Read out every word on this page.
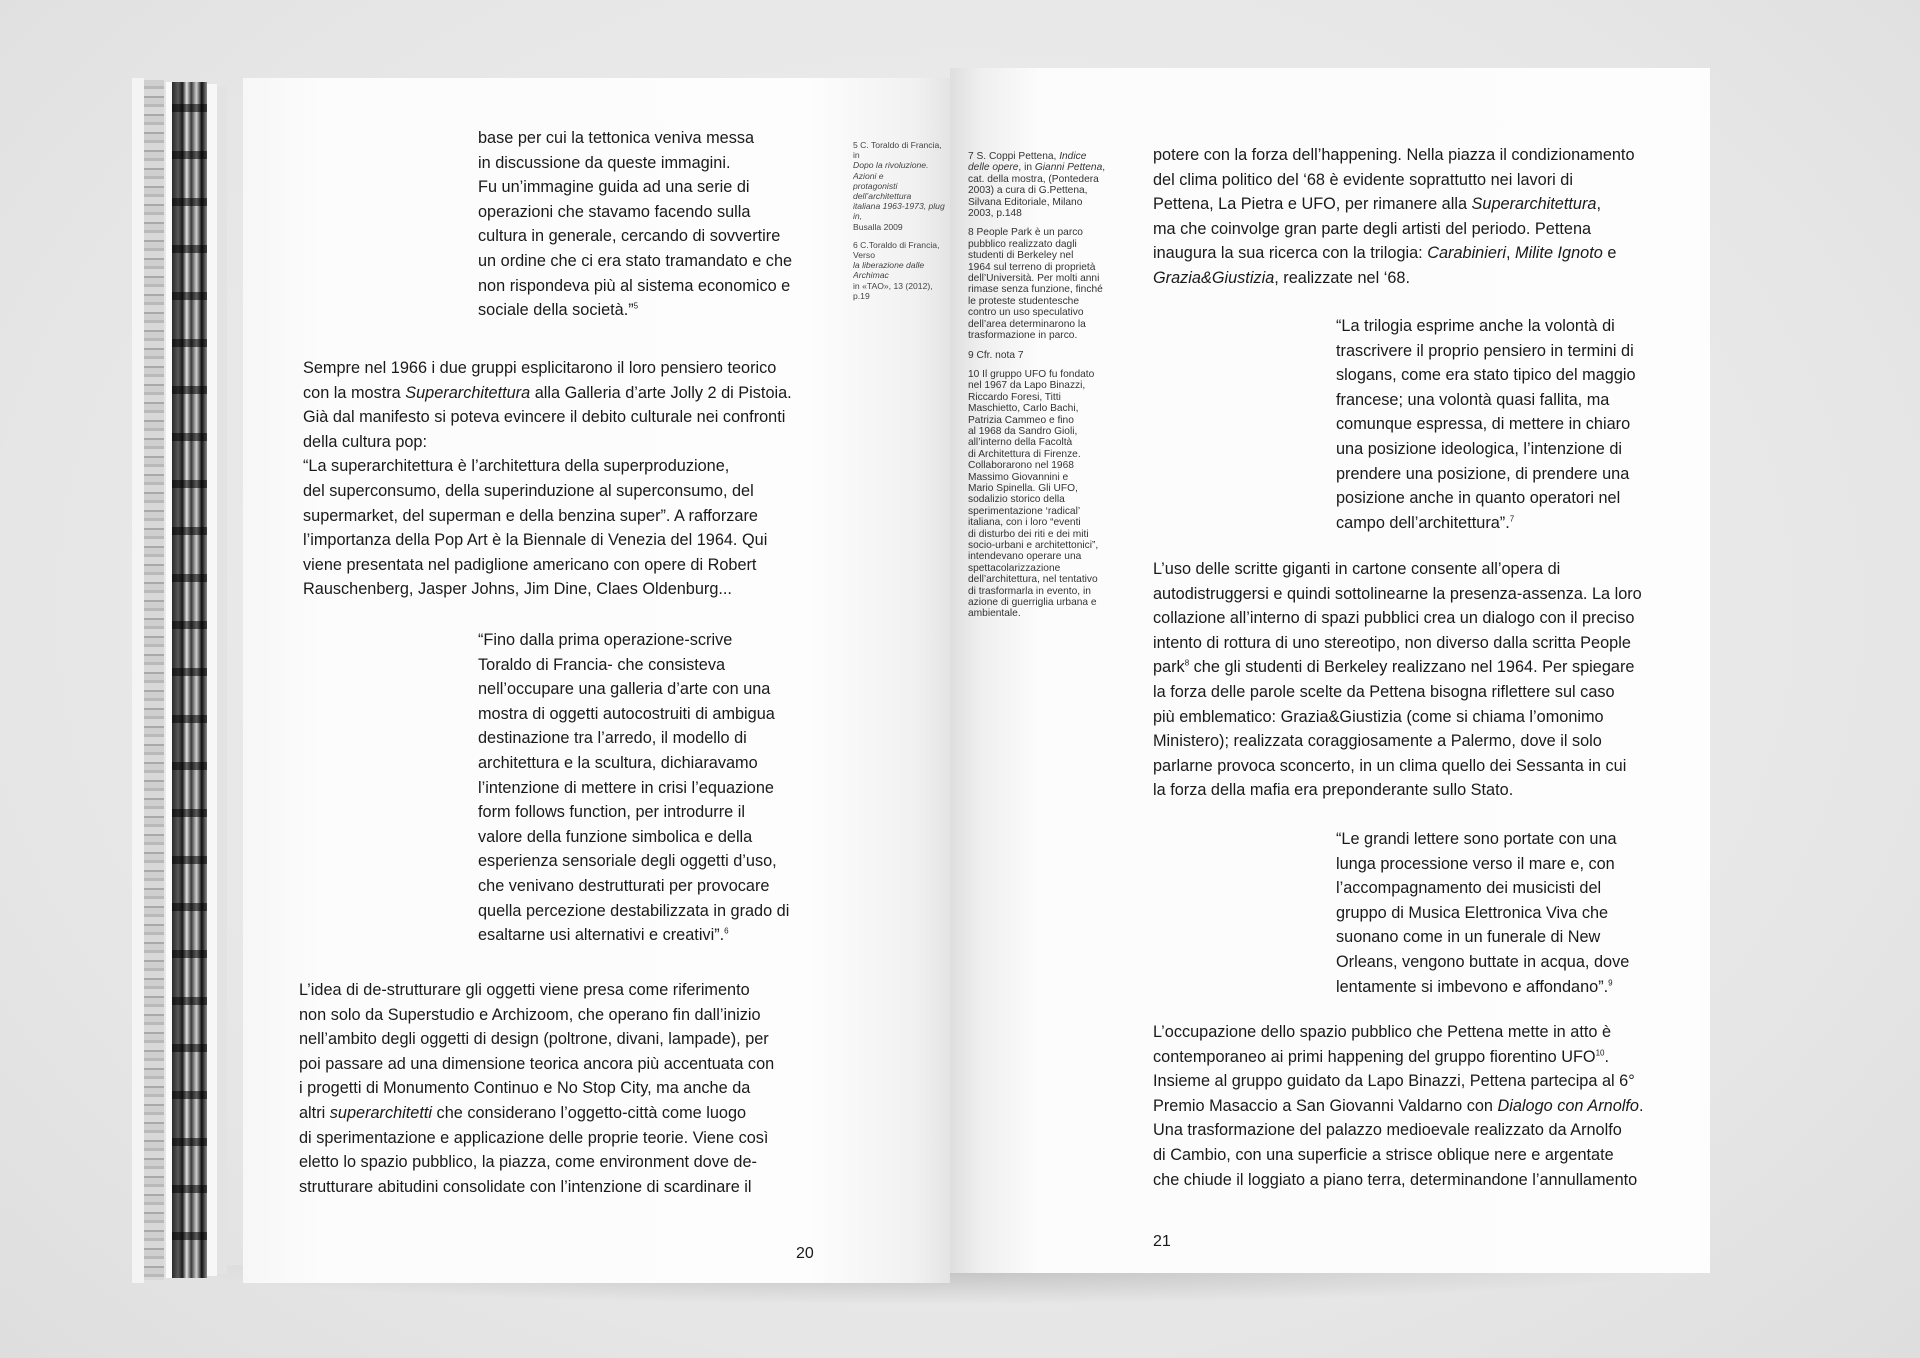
base per cui la tettonica veniva messa

in discussione da queste immagini.

Fu un’immagine guida ad una serie di

operazioni che stavamo facendo sulla

cultura in generale, cercando di sovvertire

un ordine che ci era stato tramandato e che

non rispondeva più al sistema economico e

sociale della società.”$^5$

Sempre nel 1966 i due gruppi esplicitarono il loro pensiero teorico

con la mostra Superarchitettura alla Galleria d’arte Jolly 2 di Pistoia.

Già dal manifesto si poteva evincere il debito culturale nei confronti

della cultura pop:

“La superarchitettura è l’architettura della superproduzione,

del superconsumo, della superinduzione al superconsumo, del

supermarket, del superman e della benzina super”. A rafforzare

l’importanza della Pop Art è la Biennale di Venezia del 1964. Qui

viene presentata nel padiglione americano con opere di Robert

Rauschenberg, Jasper Johns, Jim Dine, Claes Oldenburg...

“Fino dalla prima operazione-scrive

Toraldo di Francia- che consisteva

nell’occupare una galleria d’arte con una

mostra di oggetti autocostruiti di ambigua

destinazione tra l’arredo, il modello di

architettura e la scultura, dichiaravamo

l’intenzione di mettere in crisi l’equazione

form follows function, per introdurre il

valore della funzione simbolica e della

esperienza sensoriale degli oggetti d’uso,

che venivano destrutturati per provocare

quella percezione destabilizzata in grado di

esaltarne usi alternativi e creativi”.$^6$

L’idea di de-strutturare gli oggetti viene presa come riferimento

non solo da Superstudio e Archizoom, che operano fin dall’inizio

nell’ambito degli oggetti di design (poltrone, divani, lampade), per

poi passare ad una dimensione teorica ancora più accentuata con

i progetti di Monumento Continuo e No Stop City, ma anche da

altri superarchitetti che considerano l’oggetto-città come luogo

di sperimentazione e applicazione delle proprie teorie. Viene così

eletto lo spazio pubblico, la piazza, come environment dove de-

strutturare abitudini consolidate con l’intenzione di scardinare il

5 C. Toraldo di Francia, in
Dopo la rivoluzione. Azioni e
protagonisti dell’architettura
italiana 1963-1973, plug in,
Busalla 2009

6 C.Toraldo di Francia, Verso
la liberazione dalle Archimac
in «TAO», 13 (2012), p.19

20

7 S. Coppi Pettena, Indice
delle opere, in Gianni Pettena,
cat. della mostra, (Pontedera
2003) a cura di G.Pettena,
Silvana Editoriale, Milano
2003, p.148

8 People Park è un parco
pubblico realizzato dagli
studenti di Berkeley nel
1964 sul terreno di proprietà
dell’Università. Per molti anni
rimase senza funzione, finché
le proteste studentesche
contro un uso speculativo
dell’area determinarono la
trasformazione in parco.

9 Cfr. nota 7

10 Il gruppo UFO fu fondato
nel 1967 da Lapo Binazzi,
Riccardo Foresi, Titti
Maschietto, Carlo Bachi,
Patrizia Cammeo e fino
al 1968 da Sandro Gioli,
all’interno della Facoltà
di Architettura di Firenze.
Collaborarono nel 1968
Massimo Giovannini e
Mario Spinella. Gli UFO,
sodalizio storico della
sperimentazione ‘radical’
italiana, con i loro “eventi
di disturbo dei riti e dei miti
socio-urbani e architettonici”,
intendevano operare una
spettacolarizzazione
dell’architettura, nel tentativo
di trasformarla in evento, in
azione di guerriglia urbana e
ambientale.

potere con la forza dell’happening. Nella piazza il condizionamento

del clima politico del ‘68 è evidente soprattutto nei lavori di

Pettena, La Pietra e UFO, per rimanere alla Superarchitettura,

ma che coinvolge gran parte degli artisti del periodo. Pettena

inaugura la sua ricerca con la trilogia: Carabinieri, Milite Ignoto e

Grazia&Giustizia, realizzate nel ‘68.

“La trilogia esprime anche la volontà di

trascrivere il proprio pensiero in termini di

slogans, come era stato tipico del maggio

francese; una volontà quasi fallita, ma

comunque espressa, di mettere in chiaro

una posizione ideologica, l’intenzione di

prendere una posizione, di prendere una

posizione anche in quanto operatori nel

campo dell’architettura”.$^7$

L’uso delle scritte giganti in cartone consente all’opera di

autodistruggersi e quindi sottolinearne la presenza-assenza. La loro

collazione all’interno di spazi pubblici crea un dialogo con il preciso

intento di rottura di uno stereotipo, non diverso dalla scritta People

park$^8$ che gli studenti di Berkeley realizzano nel 1964. Per spiegare

la forza delle parole scelte da Pettena bisogna riflettere sul caso

più emblematico: Grazia&Giustizia (come si chiama l’omonimo

Ministero); realizzata coraggiosamente a Palermo, dove il solo

parlarne provoca sconcerto, in un clima quello dei Sessanta in cui

la forza della mafia era preponderante sullo Stato.

“Le grandi lettere sono portate con una

lunga processione verso il mare e, con

l’accompagnamento dei musicisti del

gruppo di Musica Elettronica Viva che

suonano come in un funerale di New

Orleans, vengono buttate in acqua, dove

lentamente si imbevono e affondano”.$^9$

L’occupazione dello spazio pubblico che Pettena mette in atto è

contemporaneo ai primi happening del gruppo fiorentino UFO$^{10}$.

Insieme al gruppo guidato da Lapo Binazzi, Pettena partecipa al 6°

Premio Masaccio a San Giovanni Valdarno con Dialogo con Arnolfo.

Una trasformazione del palazzo medioevale realizzato da Arnolfo

di Cambio, con una superficie a strisce oblique nere e argentate

che chiude il loggiato a piano terra, determinandone l’annullamento

21
